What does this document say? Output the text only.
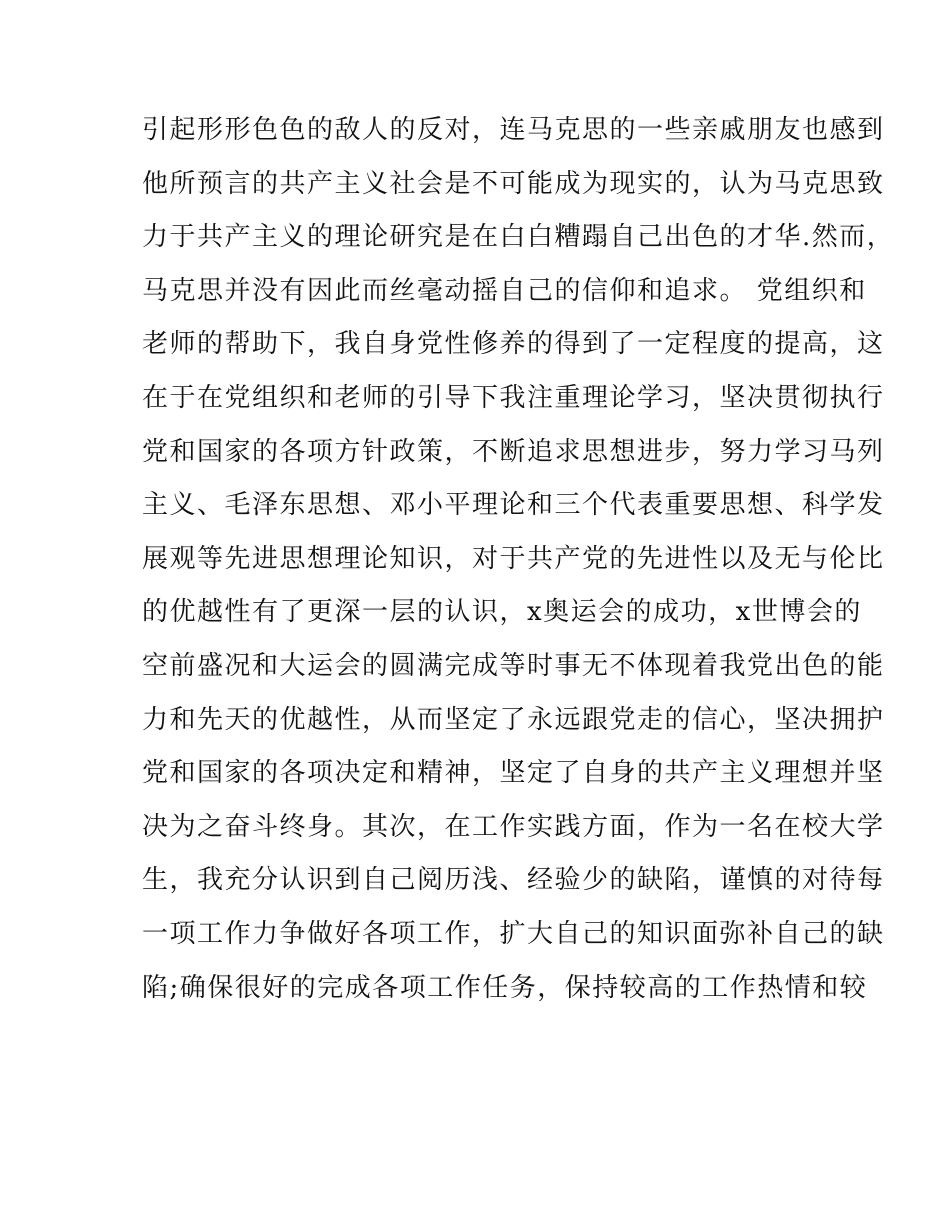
引起形形色色的敌人的反对，连马克思的一些亲戚朋友也感到
他所预言的共产主义社会是不可能成为现实的，认为马克思致
力于共产主义的理论研究是在白白糟蹋自己出色的才华.然而，
马克思并没有因此而丝毫动摇自己的信仰和追求。 党组织和
老师的帮助下，我自身党性修养的得到了一定程度的提高，这
在于在党组织和老师的引导下我注重理论学习，坚决贯彻执行
党和国家的各项方针政策，不断追求思想进步，努力学习马列
主义、毛泽东思想、邓小平理论和三个代表重要思想、科学发
展观等先进思想理论知识，对于共产党的先进性以及无与伦比
的优越性有了更深一层的认识，x奥运会的成功，x世博会的
空前盛况和大运会的圆满完成等时事无不体现着我党出色的能
力和先天的优越性，从而坚定了永远跟党走的信心，坚决拥护
党和国家的各项决定和精神，坚定了自身的共产主义理想并坚
决为之奋斗终身。其次，在工作实践方面，作为一名在校大学
生，我充分认识到自己阅历浅、经验少的缺陷，谨慎的对待每
一项工作力争做好各项工作，扩大自己的知识面弥补自己的缺
陷;确保很好的完成各项工作任务，保持较高的工作热情和较
